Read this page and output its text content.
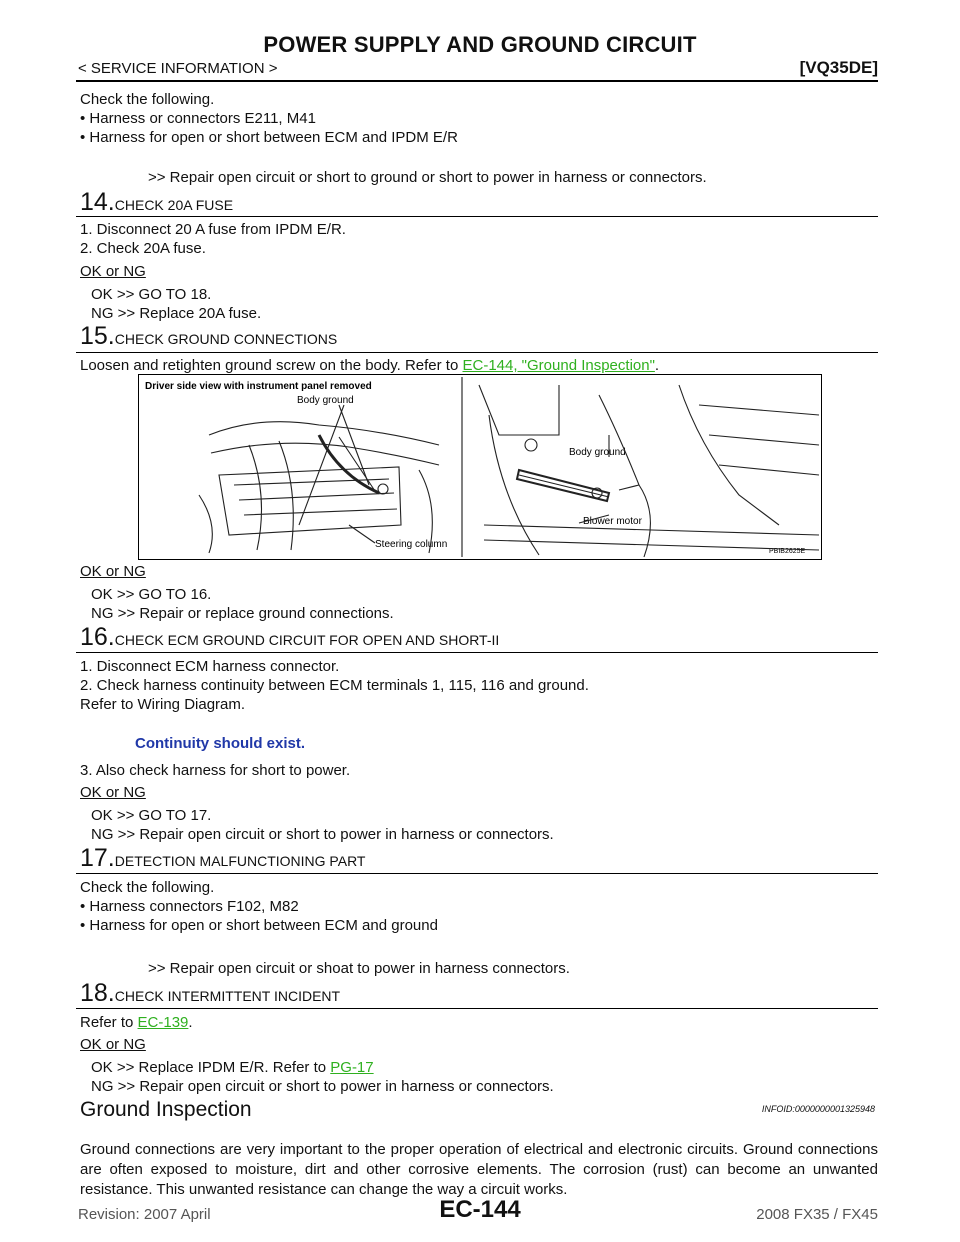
POWER SUPPLY AND GROUND CIRCUIT
< SERVICE INFORMATION >	[VQ35DE]
Check the following.
• Harness or connectors E211, M41
• Harness for open or short between ECM and IPDM E/R
>> Repair open circuit or short to ground or short to power in harness or connectors.
14.CHECK 20A FUSE
1. Disconnect 20 A fuse from IPDM E/R.
2. Check 20A fuse.
OK or NG
OK >> GO TO 18.
NG >> Replace 20A fuse.
15.CHECK GROUND CONNECTIONS
Loosen and retighten ground screw on the body. Refer to EC-144, "Ground Inspection".
Driver side view with instrument panel removed
Body ground
Steering column
Body ground
Blower motor
PBIB2625E
OK or NG
OK >> GO TO 16.
NG >> Repair or replace ground connections.
16.CHECK ECM GROUND CIRCUIT FOR OPEN AND SHORT-II
1. Disconnect ECM harness connector.
2. Check harness continuity between ECM terminals 1, 115, 116 and ground.
Refer to Wiring Diagram.
Continuity should exist.
3. Also check harness for short to power.
OK or NG
OK >> GO TO 17.
NG >> Repair open circuit or short to power in harness or connectors.
17.DETECTION MALFUNCTIONING PART
Check the following.
• Harness connectors F102, M82
• Harness for open or short between ECM and ground
>> Repair open circuit or shoat to power in harness connectors.
18.CHECK INTERMITTENT INCIDENT
Refer to EC-139.
OK or NG
OK >> Replace IPDM E/R. Refer to PG-17
NG >> Repair open circuit or short to power in harness or connectors.
Ground Inspection	INFOID:0000000001325948
Ground connections are very important to the proper operation of electrical and electronic circuits. Ground connections are often exposed to moisture, dirt and other corrosive elements. The corrosion (rust) can become an unwanted resistance. This unwanted resistance can change the way a circuit works.
Revision: 2007 April	EC-144	2008 FX35 / FX45
